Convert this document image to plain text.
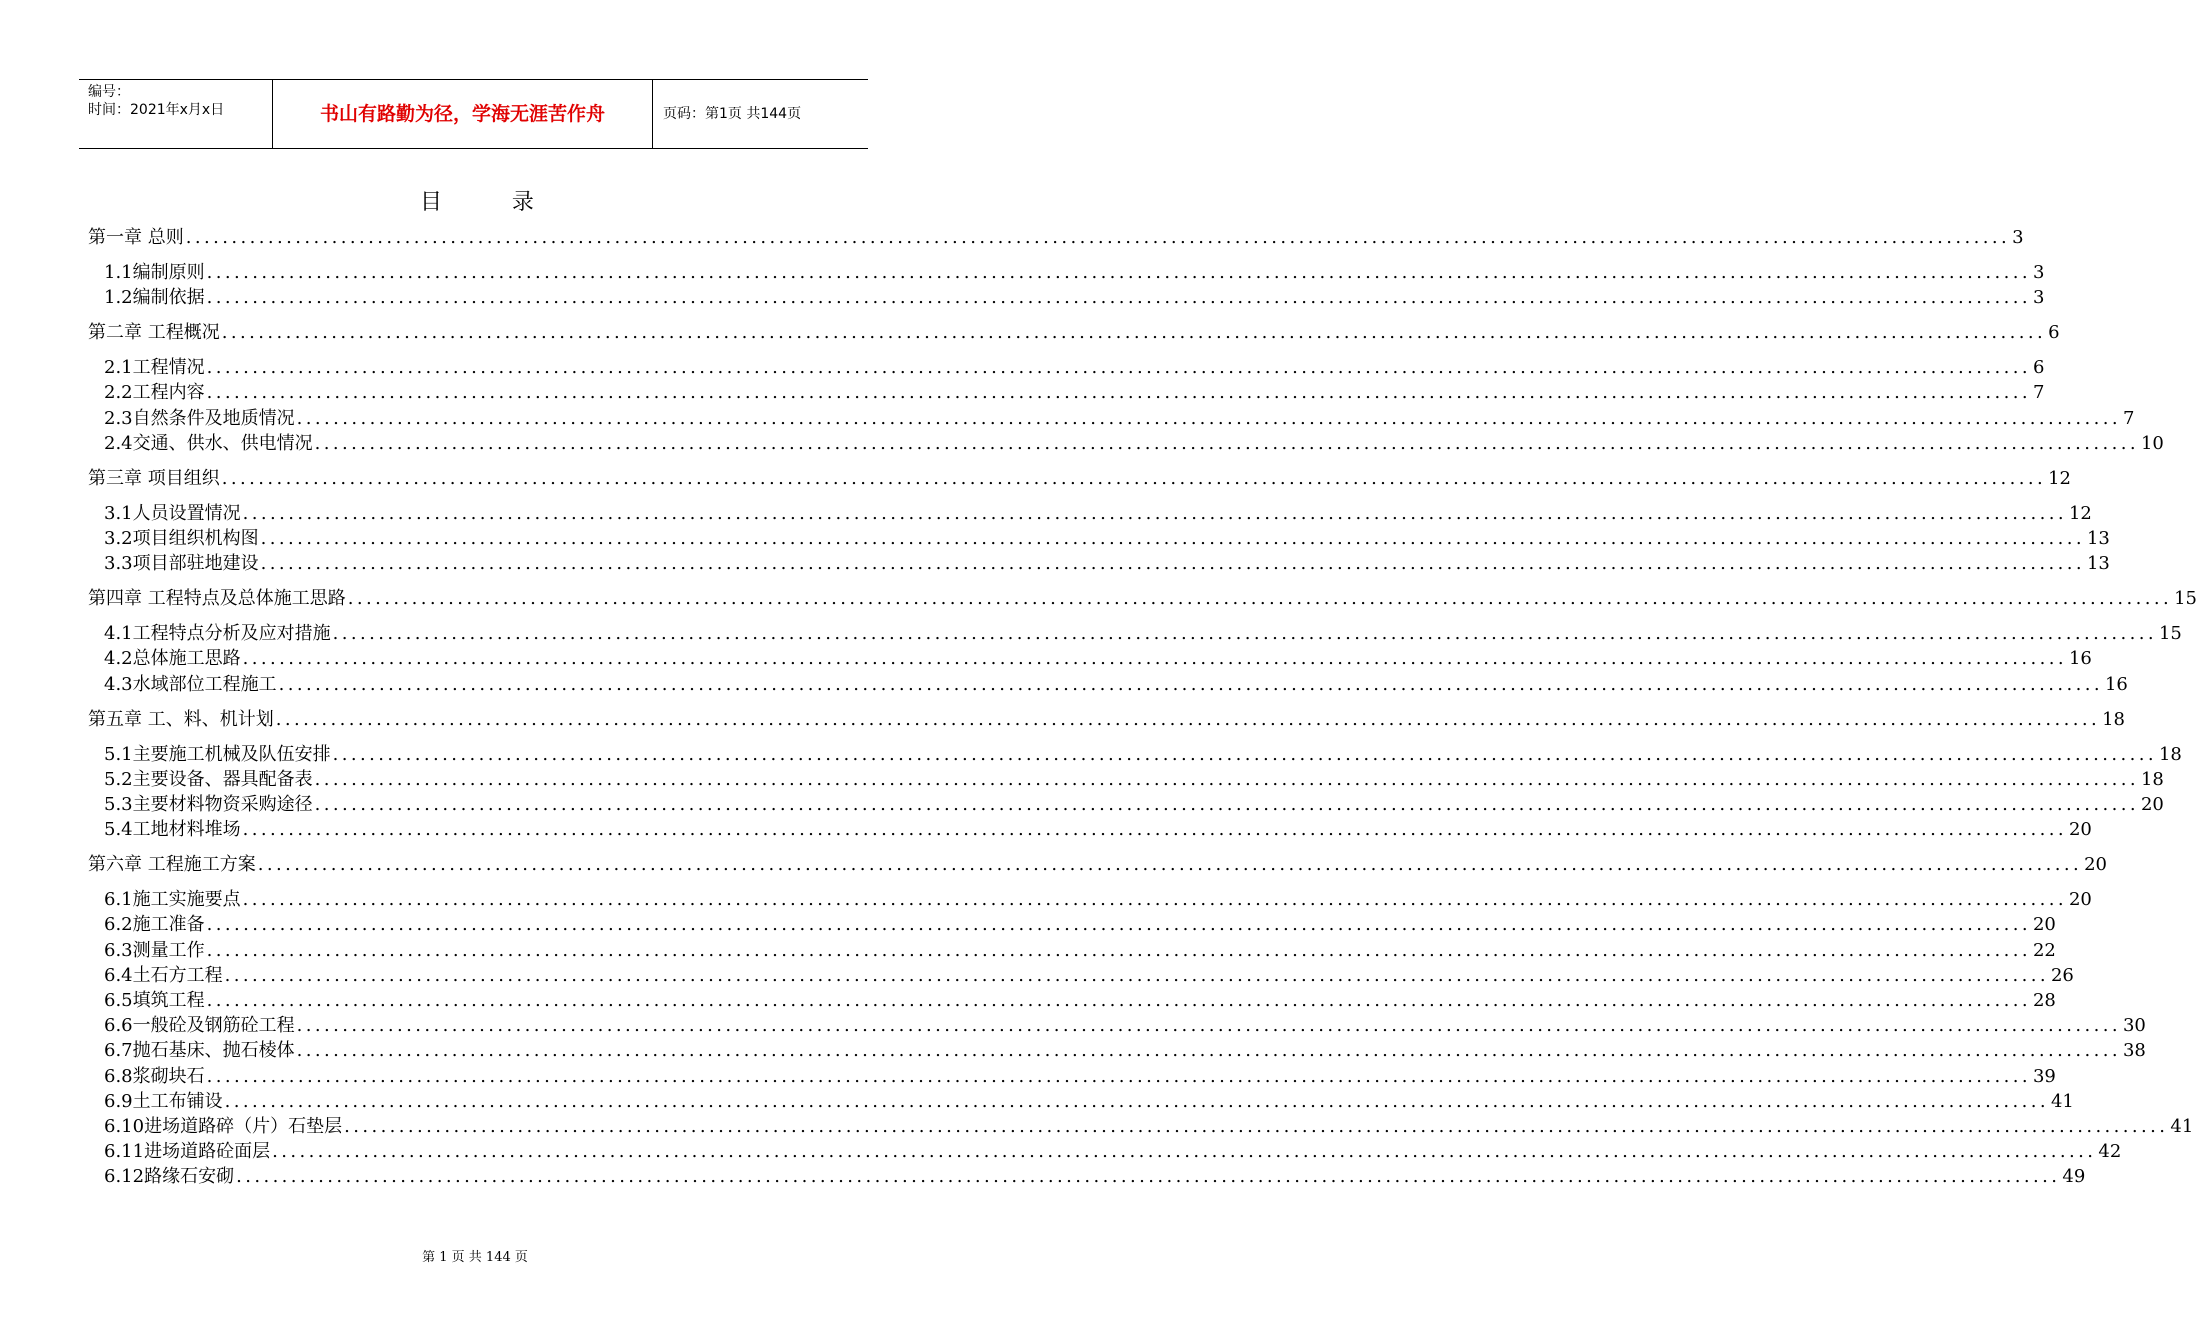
编号：
时间：2021年x月x日	书山有路勤为径，学海无涯苦作舟	页码：第1页 共144页
目          录
第一章 总则 ........................................................................................................................................................................................................ 3
1.1编制原则 ........................................................................................................................................................................................................ 3
1.2编制依据 ........................................................................................................................................................................................................ 3
第二章 工程概况 ........................................................................................................................................................................................................ 6
2.1工程情况 ........................................................................................................................................................................................................ 6
2.2工程内容 ........................................................................................................................................................................................................ 7
2.3自然条件及地质情况 ........................................................................................................................................................................................................ 7
2.4交通、供水、供电情况 ........................................................................................................................................................................................................ 10
第三章 项目组织 ........................................................................................................................................................................................................ 12
3.1人员设置情况 ........................................................................................................................................................................................................ 12
3.2项目组织机构图 ........................................................................................................................................................................................................ 13
3.3项目部驻地建设 ........................................................................................................................................................................................................ 13
第四章 工程特点及总体施工思路 ........................................................................................................................................................................................................ 15
4.1工程特点分析及应对措施 ........................................................................................................................................................................................................ 15
4.2总体施工思路 ........................................................................................................................................................................................................ 16
4.3水域部位工程施工 ........................................................................................................................................................................................................ 16
第五章 工、料、机计划 ........................................................................................................................................................................................................ 18
5.1主要施工机械及队伍安排 ........................................................................................................................................................................................................ 18
5.2主要设备、器具配备表 ........................................................................................................................................................................................................ 18
5.3主要材料物资采购途径 ........................................................................................................................................................................................................ 20
5.4工地材料堆场 ........................................................................................................................................................................................................ 20
第六章 工程施工方案 ........................................................................................................................................................................................................ 20
6.1施工实施要点 ........................................................................................................................................................................................................ 20
6.2施工准备 ........................................................................................................................................................................................................ 20
6.3测量工作 ........................................................................................................................................................................................................ 22
6.4土石方工程 ........................................................................................................................................................................................................ 26
6.5填筑工程 ........................................................................................................................................................................................................ 28
6.6一般砼及钢筋砼工程 ........................................................................................................................................................................................................ 30
6.7抛石基床、抛石棱体 ........................................................................................................................................................................................................ 38
6.8浆砌块石 ........................................................................................................................................................................................................ 39
6.9土工布铺设 ........................................................................................................................................................................................................ 41
6.10进场道路碎（片）石垫层 ........................................................................................................................................................................................................ 41
6.11进场道路砼面层 ........................................................................................................................................................................................................ 42
6.12路缘石安砌 ........................................................................................................................................................................................................ 49
第 1 页 共 144 页
